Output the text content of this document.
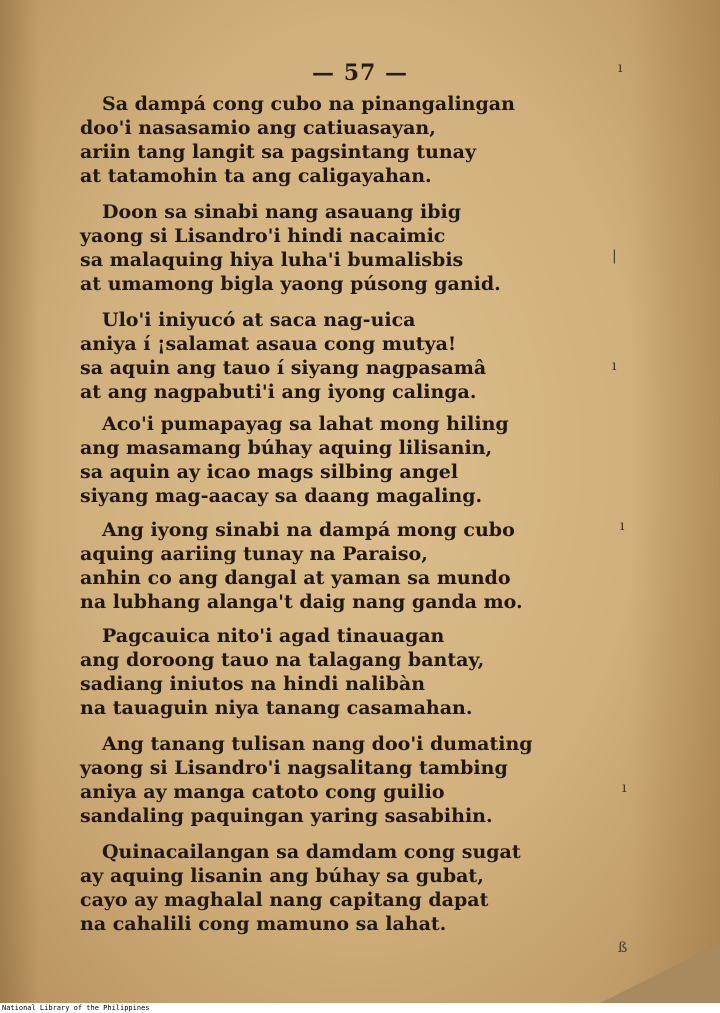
— 57 —
Sa dampá cong cubo na pinangalingan
doo'i nasasamio ang catiuasayan,
ariin tang langit sa pagsintang tunay
at tatamohin ta ang caligayahan.
Doon sa sinabi nang asauang ibig
yaong si Lisandro'i hindi nacaimic
sa malaquing hiya luha'i bumalisbis
at umamong bigla yaong púsong ganid.
Ulo'i iniyucó at saca nag-uica
aniya í ¡salamat asaua cong mutya!
sa aquin ang tauo í siyang nagpasamâ
at ang nagpabuti'i ang iyong calinga.
Aco'i pumapayag sa lahat mong hiling
ang masamang búhay aquing lilisanin,
sa aquin ay icao mags silbing angel
siyang mag-aacay sa daang magaling.
Ang iyong sinabi na dampá mong cubo
aquing aariing tunay na Paraiso,
anhin co ang dangal at yaman sa mundo
na lubhang alanga't daig nang ganda mo.
Pagcauica nito'i agad tinauagan
ang doroong tauo na talagang bantay,
sadiang iniutos na hindi nalibàn
na tauaguin niya tanang casamahan.
Ang tanang tulisan nang doo'i dumating
yaong si Lisandro'i nagsalitang tambing
aniya ay manga catoto cong guilio
sandaling paquingan yaring sasabihin.
Quinacailangan sa damdam cong sugat
ay aquing lisanin ang búhay sa gubat,
cayo ay maghalal nang capitang dapat
na cahalili cong mamuno sa lahat.
ı
|
ı
ı
ı
ß
National Library of the Philippines
